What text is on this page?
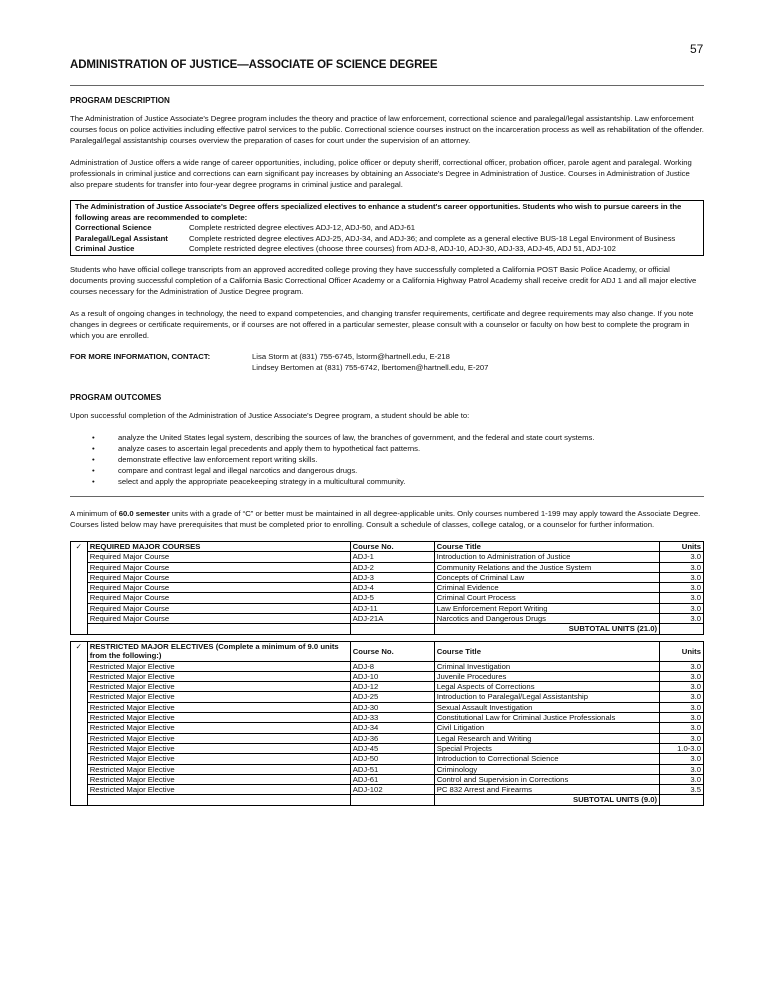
57
ADMINISTRATION OF JUSTICE—ASSOCIATE OF SCIENCE DEGREE
PROGRAM DESCRIPTION
The Administration of Justice Associate's Degree program includes the theory and practice of law enforcement, correctional science and paralegal/legal assistantship. Law enforcement courses focus on police activities including effective patrol services to the public. Correctional science courses instruct on the incarceration process as well as rehabilitation of the offender. Paralegal/legal assistantship courses overview the preparation of cases for court under the supervision of an attorney.
Administration of Justice offers a wide range of career opportunities, including, police officer or deputy sheriff, correctional officer, probation officer, parole agent and paralegal. Working professionals in criminal justice and corrections can earn significant pay increases by obtaining an Associate's Degree in Administration of Justice. Courses in Administration of Justice also prepare students for transfer into four-year degree programs in criminal justice and paralegal.
The Administration of Justice Associate's Degree offers specialized electives to enhance a student's career opportunities. Students who wish to pursue careers in the following areas are recommended to complete:
Correctional Science	Complete restricted degree electives ADJ-12, ADJ-50, and ADJ-61
Paralegal/Legal Assistant	Complete restricted degree electives ADJ-25, ADJ-34, and ADJ-36; and complete as a general elective BUS-18 Legal Environment of Business
Criminal Justice	Complete restricted degree electives (choose three courses) from ADJ-8, ADJ-10, ADJ-30, ADJ-33, ADJ-45, ADJ 51, ADJ-102
Students who have official college transcripts from an approved accredited college proving they have successfully completed a California POST Basic Police Academy, or official documents proving successful completion of a California Basic Correctional Officer Academy or a California Highway Patrol Academy shall receive credit for ADJ 1 and all major elective courses necessary for the Administration of Justice Degree program.
As a result of ongoing changes in technology, the need to expand competencies, and changing transfer requirements, certificate and degree requirements may also change. If you note changes in degrees or certificate requirements, or if courses are not offered in a particular semester, please consult with a counselor or faculty on how best to complete the program in which you are enrolled.
FOR MORE INFORMATION, CONTACT:	Lisa Storm at (831) 755-6745, lstorm@hartnell.edu, E-218
Lindsey Bertomen at (831) 755-6742, lbertomen@hartnell.edu, E-207
PROGRAM OUTCOMES
Upon successful completion of the Administration of Justice Associate's Degree program, a student should be able to:
•	analyze the United States legal system, describing the sources of law, the branches of government, and the federal and state court systems.
•	analyze cases to ascertain legal precedents and apply them to hypothetical fact patterns.
•	demonstrate effective law enforcement report writing skills.
•	compare and contrast legal and illegal narcotics and dangerous drugs.
•	select and apply the appropriate peacekeeping strategy in a multicultural community.
A minimum of 60.0 semester units with a grade of “C” or better must be maintained in all degree-applicable units. Only courses numbered 1-199 may apply toward the Associate Degree. Courses listed below may have prerequisites that must be completed prior to enrolling. Consult a schedule of classes, college catalog, or a counselor for further information.
✓	REQUIRED MAJOR COURSES	Course No.	Course Title	Units
	Required Major Course	ADJ-1	Introduction to Administration of Justice	3.0
	Required Major Course	ADJ-2	Community Relations and the Justice System	3.0
	Required Major Course	ADJ-3	Concepts of Criminal Law	3.0
	Required Major Course	ADJ-4	Criminal Evidence	3.0
	Required Major Course	ADJ-5	Criminal Court Process	3.0
	Required Major Course	ADJ-11	Law Enforcement Report Writing	3.0
	Required Major Course	ADJ-21A	Narcotics and Dangerous Drugs	3.0
			SUBTOTAL UNITS (21.0)	
✓	RESTRICTED MAJOR ELECTIVES (Complete a minimum of 9.0 units from the following:)	Course No.	Course Title	Units
	Restricted Major Elective	ADJ-8	Criminal Investigation	3.0
	Restricted Major Elective	ADJ-10	Juvenile Procedures	3.0
	Restricted Major Elective	ADJ-12	Legal Aspects of Corrections	3.0
	Restricted Major Elective	ADJ-25	Introduction to Paralegal/Legal Assistantship	3.0
	Restricted Major Elective	ADJ-30	Sexual Assault Investigation	3.0
	Restricted Major Elective	ADJ-33	Constitutional Law for Criminal Justice Professionals	3.0
	Restricted Major Elective	ADJ-34	Civil Litigation	3.0
	Restricted Major Elective	ADJ-36	Legal Research and Writing	3.0
	Restricted Major Elective	ADJ-45	Special Projects	1.0-3.0
	Restricted Major Elective	ADJ-50	Introduction to Correctional Science	3.0
	Restricted Major Elective	ADJ-51	Criminology	3.0
	Restricted Major Elective	ADJ-61	Control and Supervision in Corrections	3.0
	Restricted Major Elective	ADJ-102	PC 832 Arrest and Firearms	3.5
			SUBTOTAL UNITS (9.0)	
